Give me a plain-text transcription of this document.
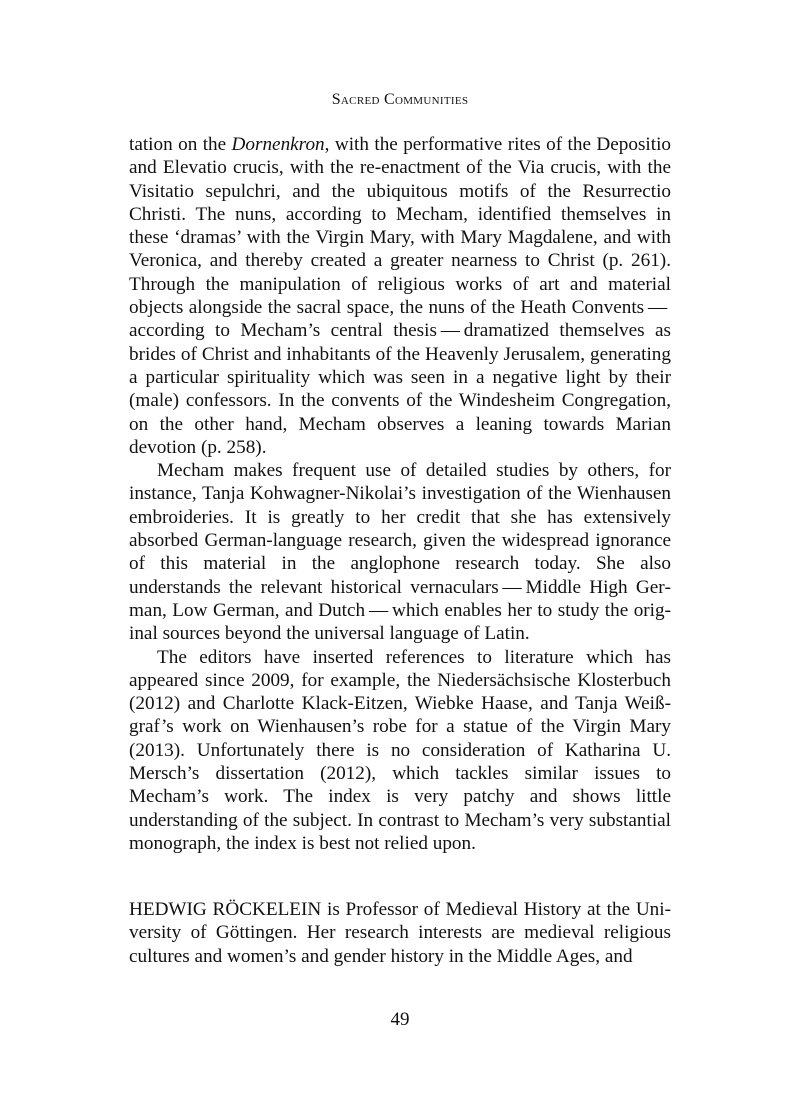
Sacred Communities

tation on the Dornenkron, with the performative rites of the Depositio and Elevatio crucis, with the re-enactment of the Via crucis, with the Visitatio sepulchri, and the ubiquitous motifs of the Resurrectio Christi. The nuns, according to Mecham, identified themselves in these ‘dramas’ with the Virgin Mary, with Mary Magdalene, and with Veronica, and thereby created a greater nearness to Christ (p. 261). Through the manipulation of religious works of art and material objects alongside the sacral space, the nuns of the Heath Convents — according to Mecham’s central thesis — dramatized themselves as brides of Christ and inhabitants of the Heavenly Jerusalem, generating a particular spirituality which was seen in a negative light by their (male) confessors. In the convents of the Windesheim Congregation, on the other hand, Mecham observes a leaning towards Marian devotion (p. 258).

Mecham makes frequent use of detailed studies by others, for instance, Tanja Kohwagner-Nikolai’s investigation of the Wienhausen embroideries. It is greatly to her credit that she has extensively absorbed German-language research, given the widespread ignorance of this material in the anglophone research today. She also understands the relevant historical vernaculars — Middle High German, Low German, and Dutch — which enables her to study the original sources beyond the universal language of Latin.

The editors have inserted references to literature which has appeared since 2009, for example, the Niedersächsische Klosterbuch (2012) and Charlotte Klack-Eitzen, Wiebke Haase, and Tanja Weißgraf’s work on Wienhausen’s robe for a statue of the Virgin Mary (2013). Unfortunately there is no consideration of Katharina U. Mersch’s dissertation (2012), which tackles similar issues to Mecham’s work. The index is very patchy and shows little understanding of the subject. In contrast to Mecham’s very substantial monograph, the index is best not relied upon.

HEDWIG RÖCKELEIN is Professor of Medieval History at the University of Göttingen. Her research interests are medieval religious cultures and women’s and gender history in the Middle Ages, and

49
